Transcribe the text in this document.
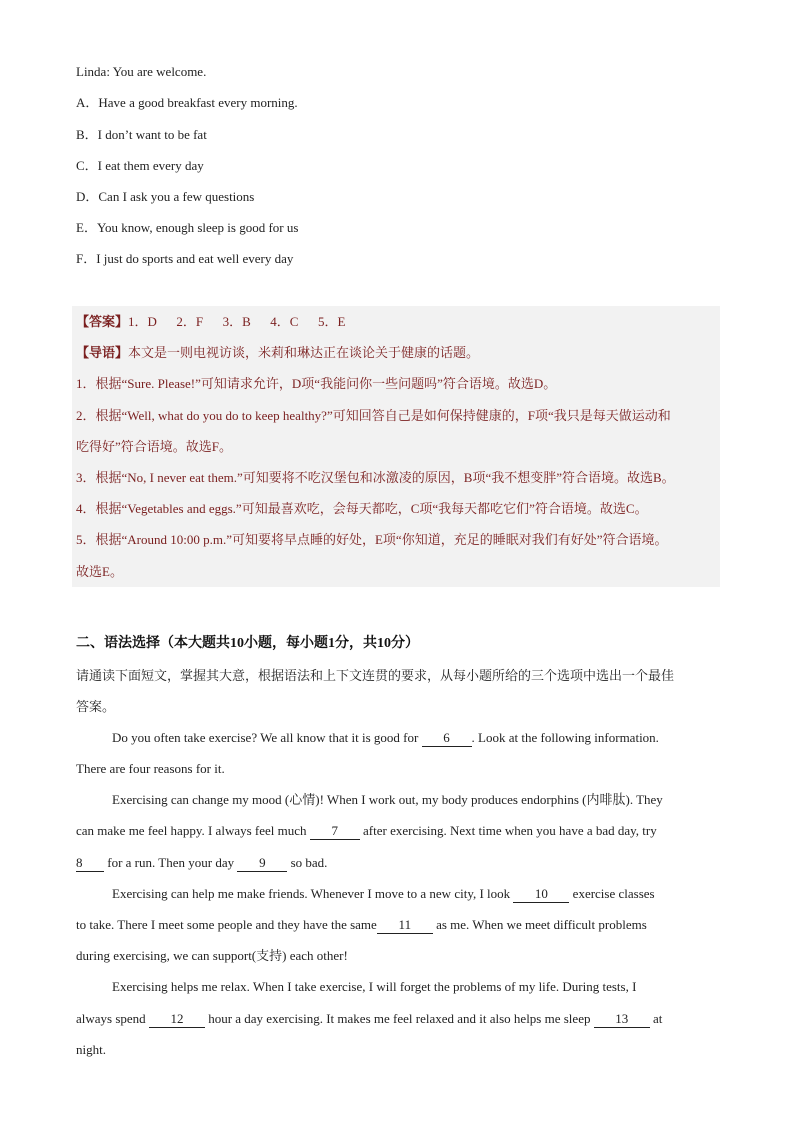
Linda: You are welcome.
A．Have a good breakfast every morning.
B．I don’t want to be fat
C．I eat them every day
D．Can I ask you a few questions
E．You know, enough sleep is good for us
F．I just do sports and eat well every day
【答案】1．D      2．F      3．B      4．C      5．E
【导语】本文是一则电视访谈，米莉和琳达正在谈论关于健康的话题。
1．根据“Sure. Please!”可知请求允许，D项“我能问你一些问题吗”符合语境。故选D。
2．根据“Well, what do you do to keep healthy?”可知回答自己是如何保持健康的，F项“我只是每天做运动和
吃得好”符合语境。故选F。
3．根据“No, I never eat them.”可知要将不吃汉堡包和冰激凌的原因，B项“我不想变胖”符合语境。故选B。
4．根据“Vegetables and eggs.”可知最喜欢吃，会每天都吃，C项“我每天都吃它们”符合语境。故选C。
5．根据“Around 10:00 p.m.”可知要将早点睡的好处，E项“你知道，充足的睡眠对我们有好处”符合语境。
故选E。
二、语法选择（本大题共10小题，每小题1分，共10分）
请通读下面短文，掌握其大意，根据语法和上下文连贯的要求，从每小题所给的三个选项中选出一个最佳
答案。
Do you often take exercise? We all know that it is good for 6 . Look at the following information.
There are four reasons for it.
Exercising can change my mood (心情)! When I work out, my body produces endorphins (内啡肽). They
can make me feel happy. I always feel much 7 after exercising. Next time when you have a bad day, try
8 for a run. Then your day 9 so bad.
Exercising can help me make friends. Whenever I move to a new city, I look 10 exercise classes
to take. There I meet some people and they have the same 11 as me. When we meet difficult problems
during exercising, we can support(支持) each other!
Exercising helps me relax. When I take exercise, I will forget the problems of my life. During tests, I
always spend 12 hour a day exercising. It makes me feel relaxed and it also helps me sleep 13 at
night.
